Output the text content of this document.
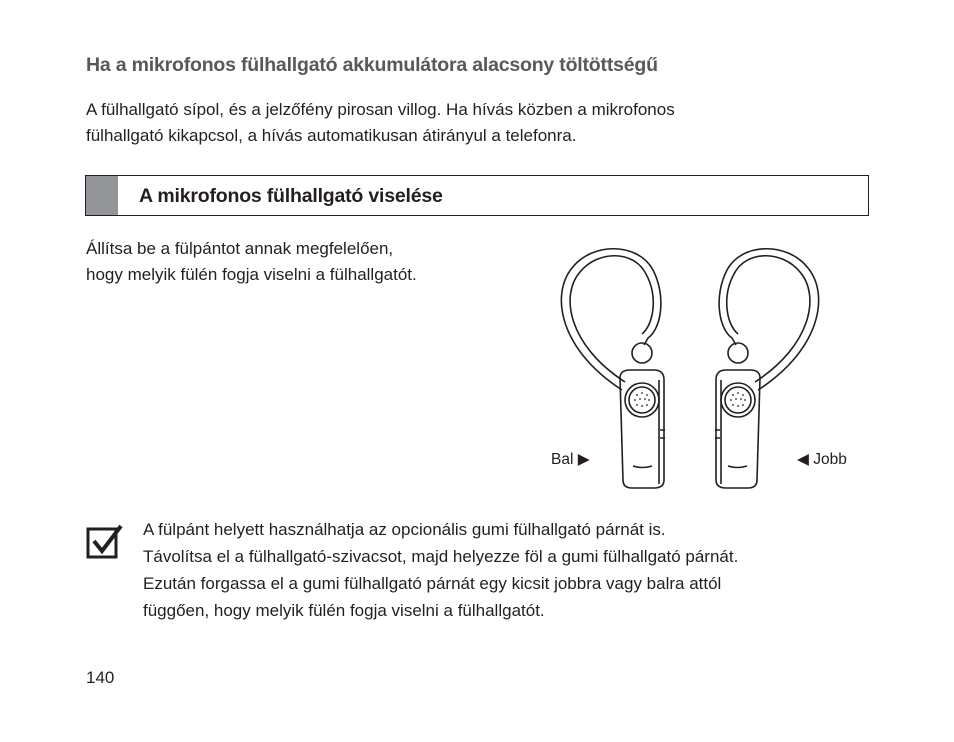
Ha a mikrofonos fülhallgató akkumulátora alacsony töltöttségű
A fülhallgató sípol, és a jelzőfény pirosan villog. Ha hívás közben a mikrofonos
fülhallgató kikapcsol, a hívás automatikusan átirányul a telefonra.
A mikrofonos fülhallgató viselése
Állítsa be a fülpántot annak megfelelően,
hogy melyik fülén fogja viselni a fülhallgatót.
Bal ▶	◀ Jobb
A fülpánt helyett használhatja az opcionális gumi fülhallgató párnát is.
Távolítsa el a fülhallgató-szivacsot, majd helyezze föl a gumi fülhallgató párnát.
Ezután forgassa el a gumi fülhallgató párnát egy kicsit jobbra vagy balra attól
függően, hogy melyik fülén fogja viselni a fülhallgatót.
140
